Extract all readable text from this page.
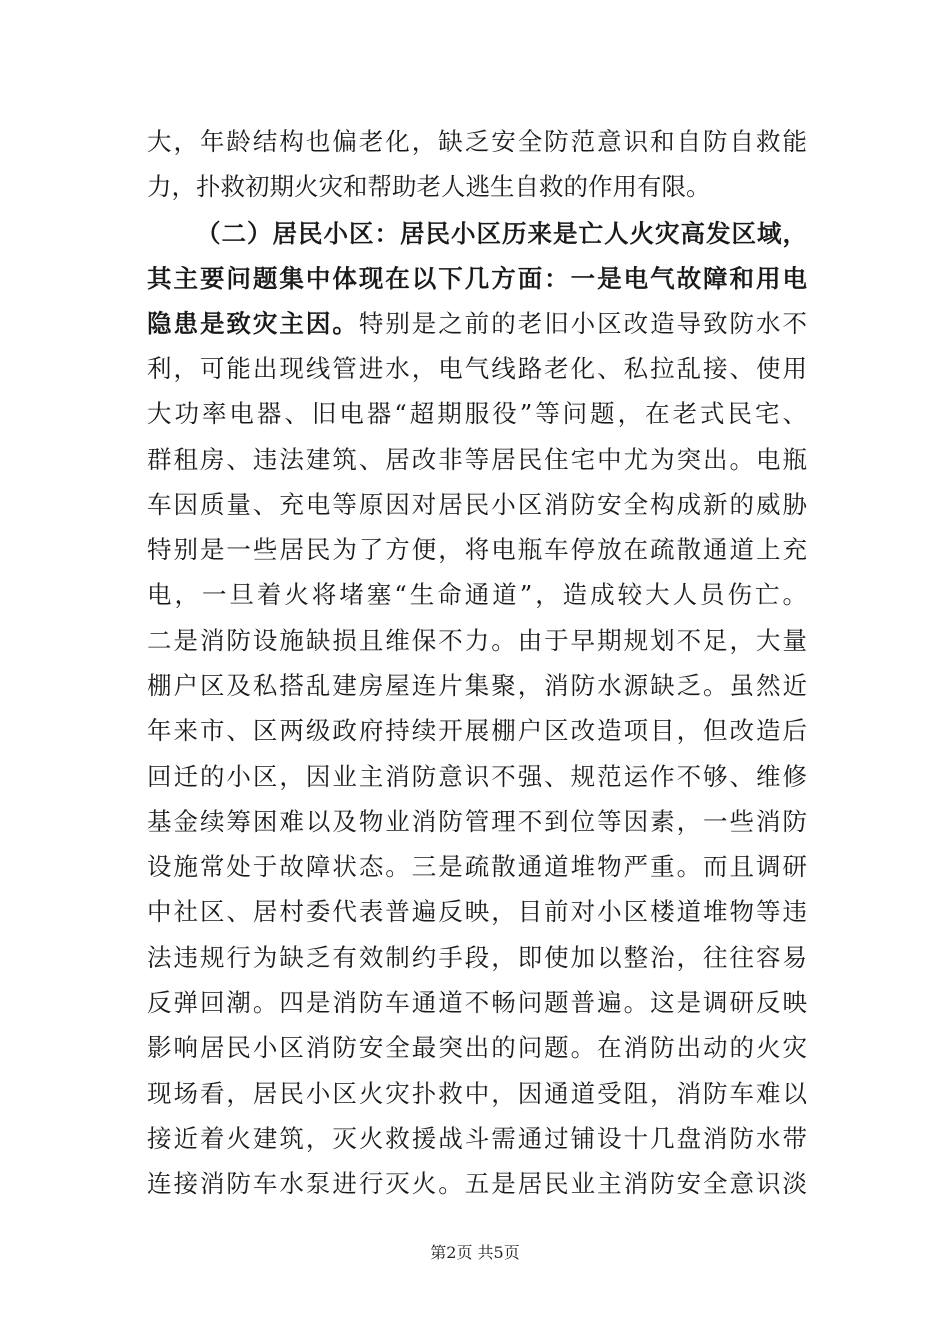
大，年龄结构也偏老化，缺乏安全防范意识和自防自救能
力，扑救初期火灾和帮助老人逃生自救的作用有限。
（二）居民小区：居民小区历来是亡人火灾高发区域，
其主要问题集中体现在以下几方面：一是电气故障和用电
隐患是致灾主因。特别是之前的老旧小区改造导致防水不
利，可能出现线管进水，电气线路老化、私拉乱接、使用
大功率电器、旧电器“超期服役”等问题，在老式民宅、
群租房、违法建筑、居改非等居民住宅中尤为突出。电瓶
车因质量、充电等原因对居民小区消防安全构成新的威胁
特别是一些居民为了方便，将电瓶车停放在疏散通道上充
电，一旦着火将堵塞“生命通道”，造成较大人员伤亡。
二是消防设施缺损且维保不力。由于早期规划不足，大量
棚户区及私搭乱建房屋连片集聚，消防水源缺乏。虽然近
年来市、区两级政府持续开展棚户区改造项目，但改造后
回迁的小区，因业主消防意识不强、规范运作不够、维修
基金续筹困难以及物业消防管理不到位等因素，一些消防
设施常处于故障状态。三是疏散通道堆物严重。而且调研
中社区、居村委代表普遍反映，目前对小区楼道堆物等违
法违规行为缺乏有效制约手段，即使加以整治，往往容易
反弹回潮。四是消防车通道不畅问题普遍。这是调研反映
影响居民小区消防安全最突出的问题。在消防出动的火灾
现场看，居民小区火灾扑救中，因通道受阻，消防车难以
接近着火建筑，灭火救援战斗需通过铺设十几盘消防水带
连接消防车水泵进行灭火。五是居民业主消防安全意识淡
第2页 共5页
